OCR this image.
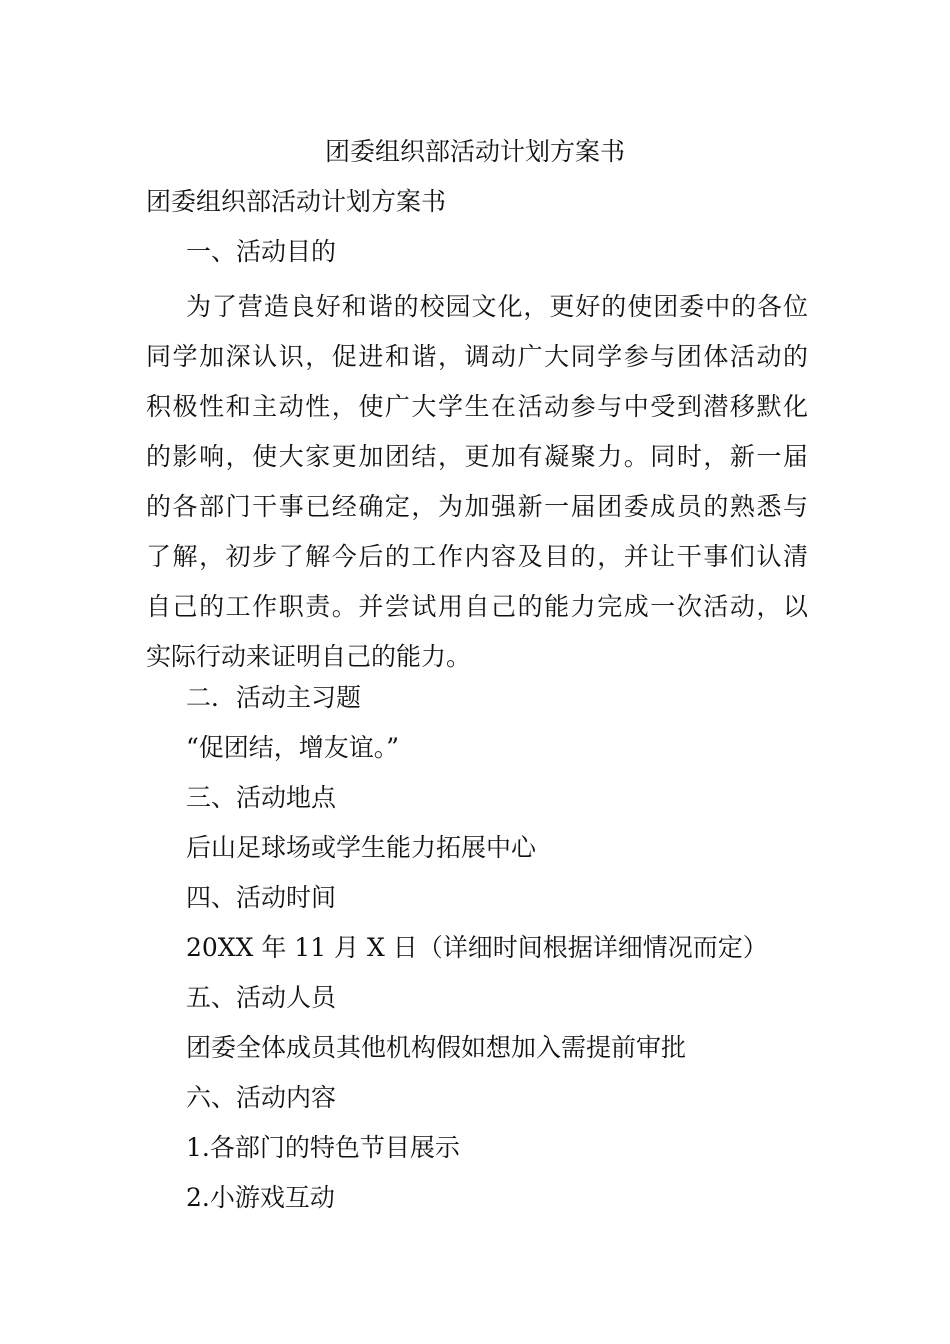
团委组织部活动计划方案书
团委组织部活动计划方案书
一、活动目的
为了营造良好和谐的校园文化，更好的使团委中的各位
同学加深认识，促进和谐，调动广大同学参与团体活动的
积极性和主动性，使广大学生在活动参与中受到潜移默化
的影响，使大家更加团结，更加有凝聚力。同时，新一届
的各部门干事已经确定，为加强新一届团委成员的熟悉与
了解，初步了解今后的工作内容及目的，并让干事们认清
自己的工作职责。并尝试用自己的能力完成一次活动，以
实际行动来证明自己的能力。
二．活动主习题
“促团结，增友谊。”
三、活动地点
后山足球场或学生能力拓展中心
四、活动时间
20XX 年 11 月 X 日（详细时间根据详细情况而定）
五、活动人员
团委全体成员其他机构假如想加入需提前审批
六、活动内容
1.各部门的特色节目展示
2.小游戏互动
